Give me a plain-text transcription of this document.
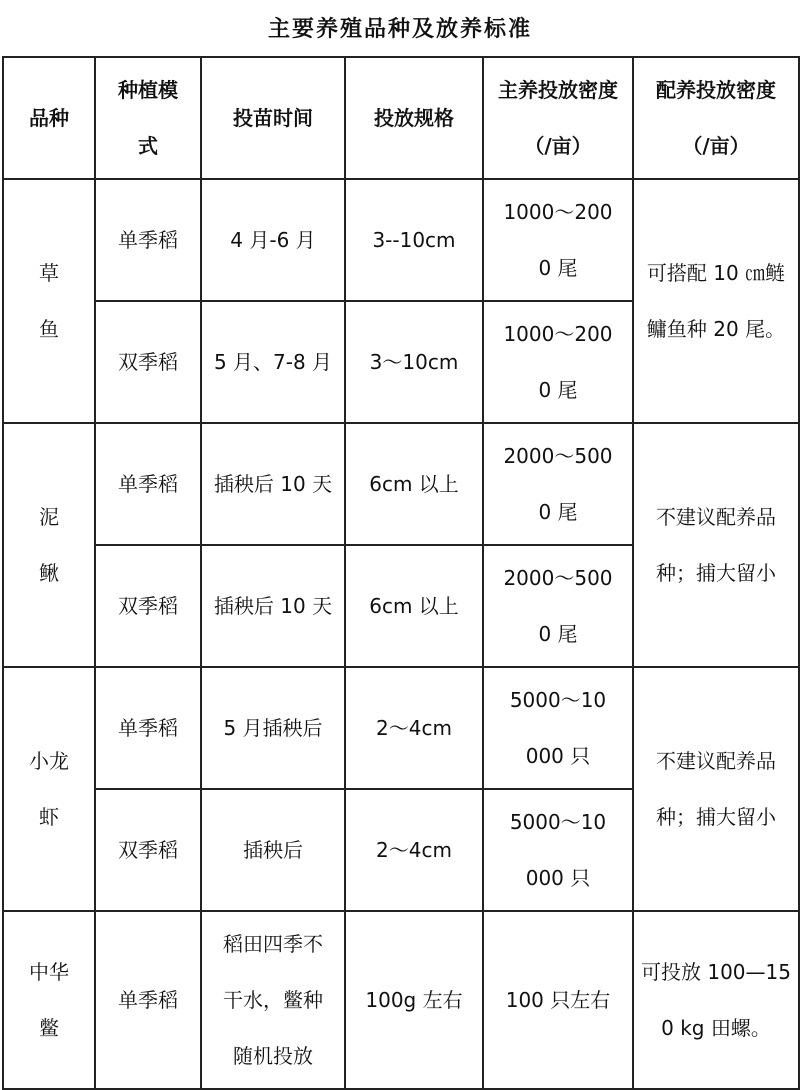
主要养殖品种及放养标准
品种	种植模式	投苗时间	投放规格	主养投放密度（/亩）	配养投放密度（/亩）
草鱼	单季稻	4 月-6 月	3--10cm	1000～2000 尾	可搭配 10 ㎝鲢鳙鱼种 20 尾。
	双季稻	5 月、7-8 月	3～10cm	1000～2000 尾	
泥鳅	单季稻	插秧后 10 天	6cm 以上	2000～5000 尾	不建议配养品种；捕大留小
	双季稻	插秧后 10 天	6cm 以上	2000～5000 尾	
小龙虾	单季稻	5 月插秧后	2～4cm	5000～10000 只	不建议配养品种；捕大留小
	双季稻	插秧后	2～4cm	5000～10000 只	
中华鳖	单季稻	稻田四季不干水，鳖种随机投放	100g 左右	100 只左右	可投放 100—150 kg 田螺。
